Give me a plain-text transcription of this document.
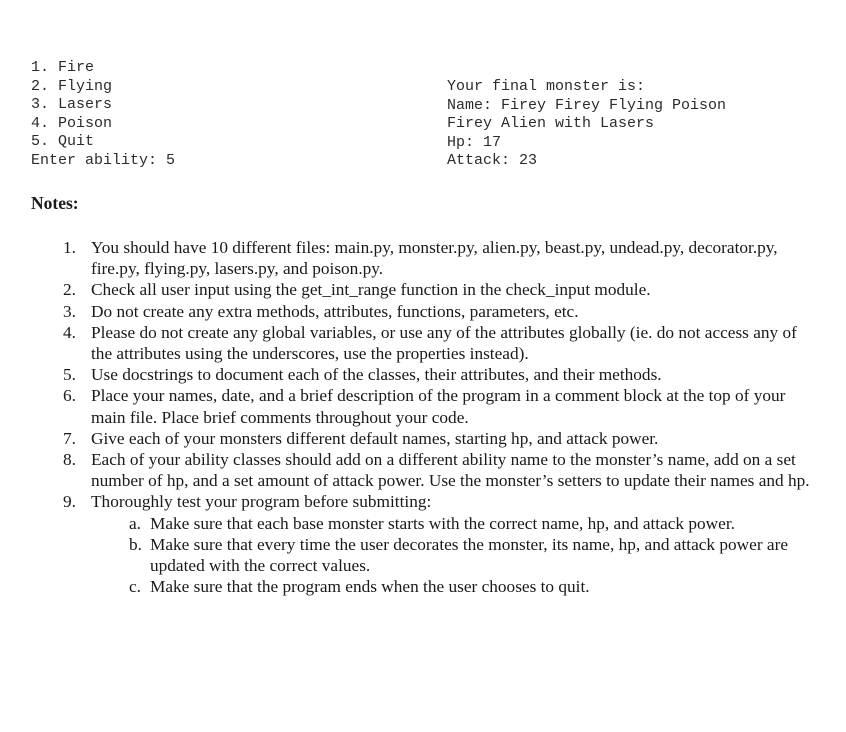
1. Fire
2. Flying
3. Lasers
4. Poison
5. Quit
Enter ability: 5
Your final monster is:
Name: Firey Firey Flying Poison
Firey Alien with Lasers
Hp: 17
Attack: 23
Notes:
1. You should have 10 different files: main.py, monster.py, alien.py, beast.py, undead.py, decorator.py, fire.py, flying.py, lasers.py, and poison.py.
2. Check all user input using the get_int_range function in the check_input module.
3. Do not create any extra methods, attributes, functions, parameters, etc.
4. Please do not create any global variables, or use any of the attributes globally (ie. do not access any of the attributes using the underscores, use the properties instead).
5. Use docstrings to document each of the classes, their attributes, and their methods.
6. Place your names, date, and a brief description of the program in a comment block at the top of your main file. Place brief comments throughout your code.
7. Give each of your monsters different default names, starting hp, and attack power.
8. Each of your ability classes should add on a different ability name to the monster’s name, add on a set number of hp, and a set amount of attack power. Use the monster’s setters to update their names and hp.
9. Thoroughly test your program before submitting:
a. Make sure that each base monster starts with the correct name, hp, and attack power.
b. Make sure that every time the user decorates the monster, its name, hp, and attack power are updated with the correct values.
c. Make sure that the program ends when the user chooses to quit.
